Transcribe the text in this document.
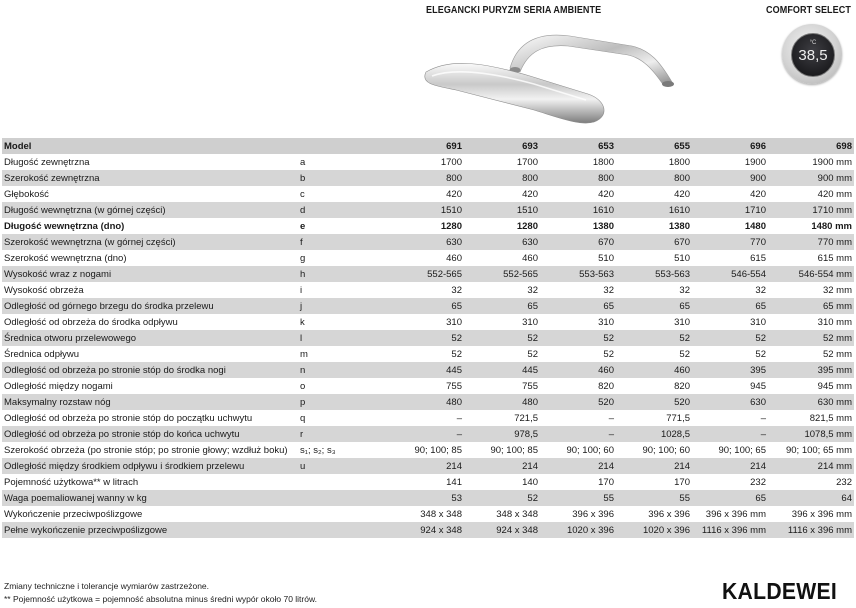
ELEGANCKI PURYZM SERIA AMBIENTE	COMFORT SELECT
°C
38,5
Model		691	693	653	655	696	698
Długość zewnętrzna	a	1700	1700	1800	1800	1900	1900 mm
Szerokość zewnętrzna	b	800	800	800	800	900	900 mm
Głębokość	c	420	420	420	420	420	420 mm
Długość wewnętrzna (w górnej części)	d	1510	1510	1610	1610	1710	1710 mm
Długość wewnętrzna (dno)	e	1280	1280	1380	1380	1480	1480 mm
Szerokość wewnętrzna (w górnej części)	f	630	630	670	670	770	770 mm
Szerokość wewnętrzna (dno)	g	460	460	510	510	615	615 mm
Wysokość wraz z nogami	h	552-565	552-565	553-563	553-563	546-554	546-554 mm
Wysokość obrzeża	i	32	32	32	32	32	32 mm
Odległość od górnego brzegu do środka przelewu	j	65	65	65	65	65	65 mm
Odległość od obrzeża do środka odpływu	k	310	310	310	310	310	310 mm
Średnica otworu przelewowego	l	52	52	52	52	52	52 mm
Średnica odpływu	m	52	52	52	52	52	52 mm
Odległość od obrzeża po stronie stóp do środka nogi	n	445	445	460	460	395	395 mm
Odległość między nogami	o	755	755	820	820	945	945 mm
Maksymalny rozstaw nóg	p	480	480	520	520	630	630 mm
Odległość od obrzeża po stronie stóp do początku uchwytu	q	–	721,5	–	771,5	–	821,5 mm
Odległość od obrzeża po stronie stóp do końca uchwytu	r	–	978,5	–	1028,5	–	1078,5 mm
Szerokość obrzeża (po stronie stóp; po stronie głowy; wzdłuż boku)	s₁; s₂; s₃	90; 100; 85	90; 100; 85	90; 100; 60	90; 100; 60	90; 100; 65	90; 100; 65 mm
Odległość między środkiem odpływu i środkiem przelewu	u	214	214	214	214	214	214 mm
Pojemność użytkowa** w litrach		141	140	170	170	232	232
Waga poemaliowanej wanny w kg		53	52	55	55	65	64
Wykończenie przeciwpoślizgowe		348 x 348	348 x 348	396 x 396	396 x 396	396 x 396 mm	396 x 396 mm
Pełne wykończenie przeciwpoślizgowe		924 x 348	924 x 348	1020 x 396	1020 x 396	1116 x 396 mm	1116 x 396 mm
Zmiany techniczne i tolerancje wymiarów zastrzeżone.
** Pojemność użytkowa = pojemność absolutna minus średni wypór około 70 litrów.	KALDEWEI
